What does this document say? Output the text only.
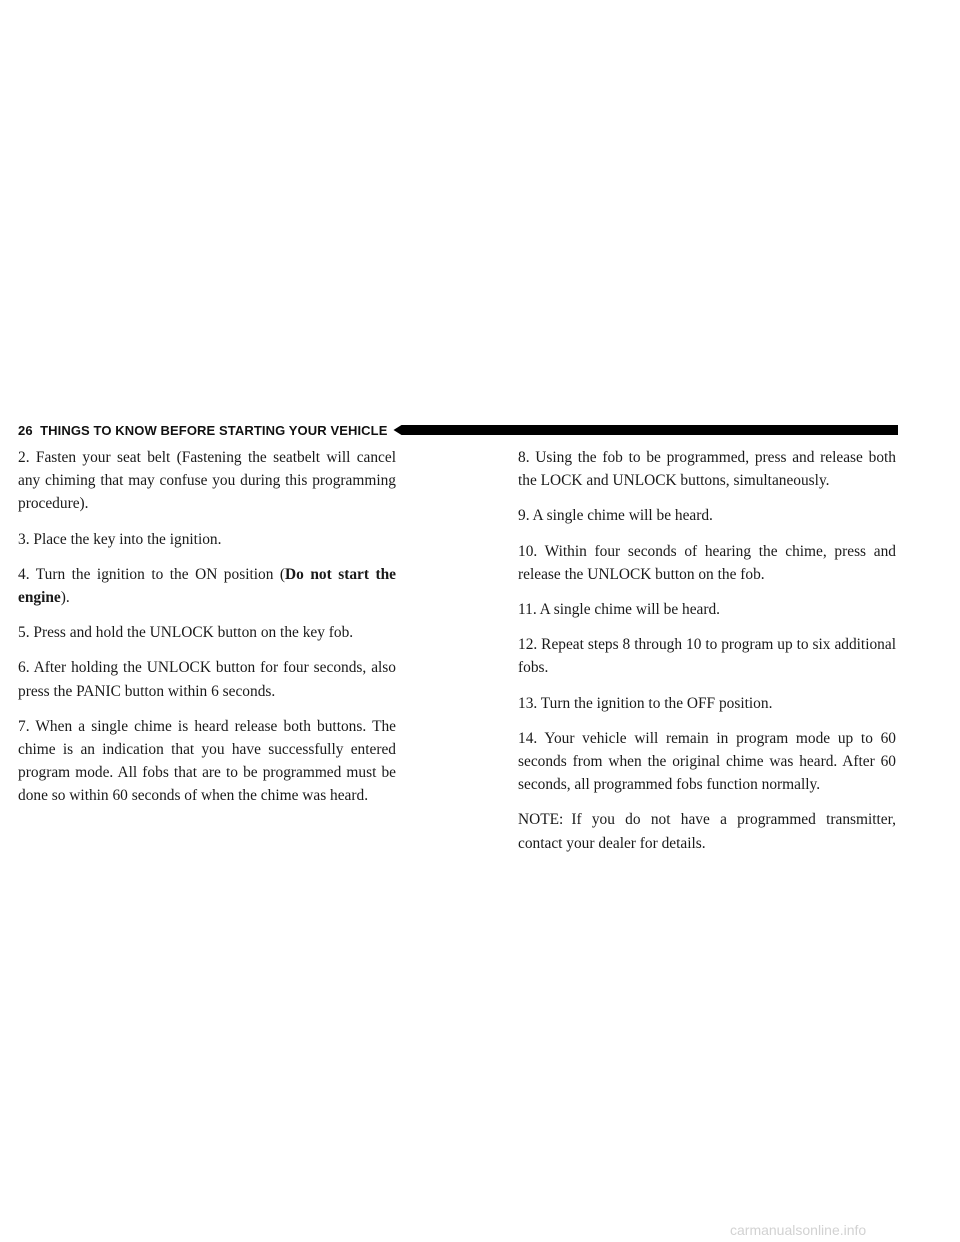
26 THINGS TO KNOW BEFORE STARTING YOUR VEHICLE

2. Fasten your seat belt (Fastening the seatbelt will cancel any chiming that may confuse you during this programming procedure).

3. Place the key into the ignition.

4. Turn the ignition to the ON position (Do not start the engine).

5. Press and hold the UNLOCK button on the key fob.

6. After holding the UNLOCK button for four seconds, also press the PANIC button within 6 seconds.

7. When a single chime is heard release both buttons. The chime is an indication that you have successfully entered program mode. All fobs that are to be programmed must be done so within 60 seconds of when the chime was heard.

8. Using the fob to be programmed, press and release both the LOCK and UNLOCK buttons, simultaneously.

9. A single chime will be heard.

10. Within four seconds of hearing the chime, press and release the UNLOCK button on the fob.

11. A single chime will be heard.

12. Repeat steps 8 through 10 to program up to six additional fobs.

13. Turn the ignition to the OFF position.

14. Your vehicle will remain in program mode up to 60 seconds from when the original chime was heard. After 60 seconds, all programmed fobs function normally.

NOTE: If you do not have a programmed transmitter, contact your dealer for details.

carmanualsonline.info
